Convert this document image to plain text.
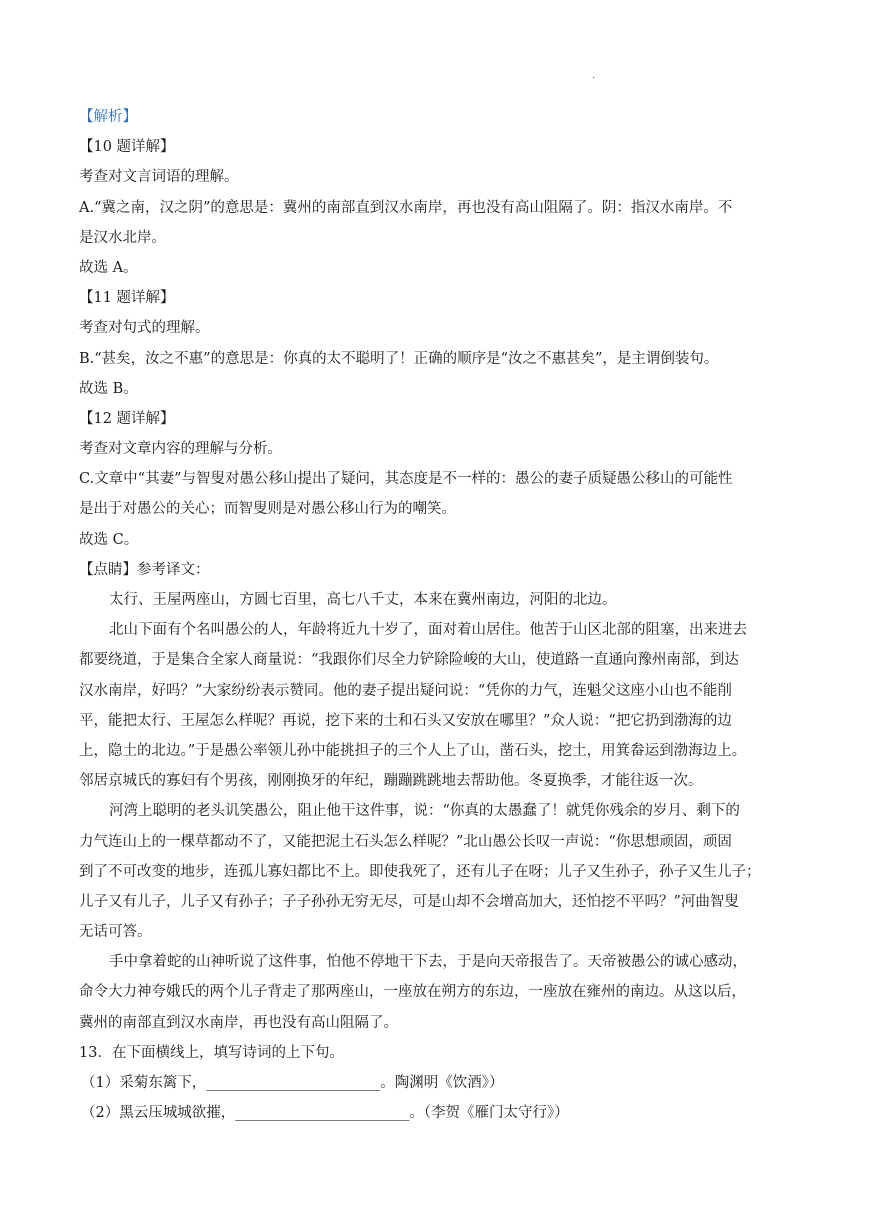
.
【解析】
【10 题详解】
考查对文言词语的理解。
A.“冀之南，汉之阴”的意思是：冀州的南部直到汉水南岸，再也没有高山阻隔了。阴：指汉水南岸。不
是汉水北岸。
故选 A。
【11 题详解】
考查对句式的理解。
B.“甚矣，汝之不惠”的意思是：你真的太不聪明了！正确的顺序是“汝之不惠甚矣”，是主谓倒装句。
故选 B。
【12 题详解】
考查对文章内容的理解与分析。
C.文章中“其妻”与智叟对愚公移山提出了疑问，其态度是不一样的：愚公的妻子质疑愚公移山的可能性
是出于对愚公的关心；而智叟则是对愚公移山行为的嘲笑。
故选 C。
【点睛】参考译文：
太行、王屋两座山，方圆七百里，高七八千丈，本来在冀州南边，河阳的北边。
北山下面有个名叫愚公的人，年龄将近九十岁了，面对着山居住。他苦于山区北部的阻塞，出来进去
都要绕道，于是集合全家人商量说：“我跟你们尽全力铲除险峻的大山，使道路一直通向豫州南部，到达
汉水南岸，好吗？”大家纷纷表示赞同。他的妻子提出疑问说：“凭你的力气，连魁父这座小山也不能削
平，能把太行、王屋怎么样呢？再说，挖下来的土和石头又安放在哪里？”众人说：“把它扔到渤海的边
上，隐土的北边。”于是愚公率领儿孙中能挑担子的三个人上了山，凿石头，挖土，用箕畚运到渤海边上。
邻居京城氏的寡妇有个男孩，刚刚换牙的年纪，蹦蹦跳跳地去帮助他。冬夏换季，才能往返一次。
河湾上聪明的老头讥笑愚公，阻止他干这件事，说：“你真的太愚蠢了！就凭你残余的岁月、剩下的
力气连山上的一棵草都动不了，又能把泥土石头怎么样呢？”北山愚公长叹一声说：“你思想顽固，顽固
到了不可改变的地步，连孤儿寡妇都比不上。即使我死了，还有儿子在呀；儿子又生孙子，孙子又生儿子；
儿子又有儿子，儿子又有孙子；子子孙孙无穷无尽，可是山却不会增高加大，还怕挖不平吗？”河曲智叟
无话可答。
手中拿着蛇的山神听说了这件事，怕他不停地干下去，于是向天帝报告了。天帝被愚公的诚心感动，
命令大力神夸娥氏的两个儿子背走了那两座山，一座放在朔方的东边，一座放在雍州的南边。从这以后，
冀州的南部直到汉水南岸，再也没有高山阻隔了。
13．在下面横线上，填写诗词的上下句。
（1）采菊东篱下，________________________。陶渊明《饮酒》）
（2）黑云压城城欲摧，________________________。（李贺《雁门太守行》）
